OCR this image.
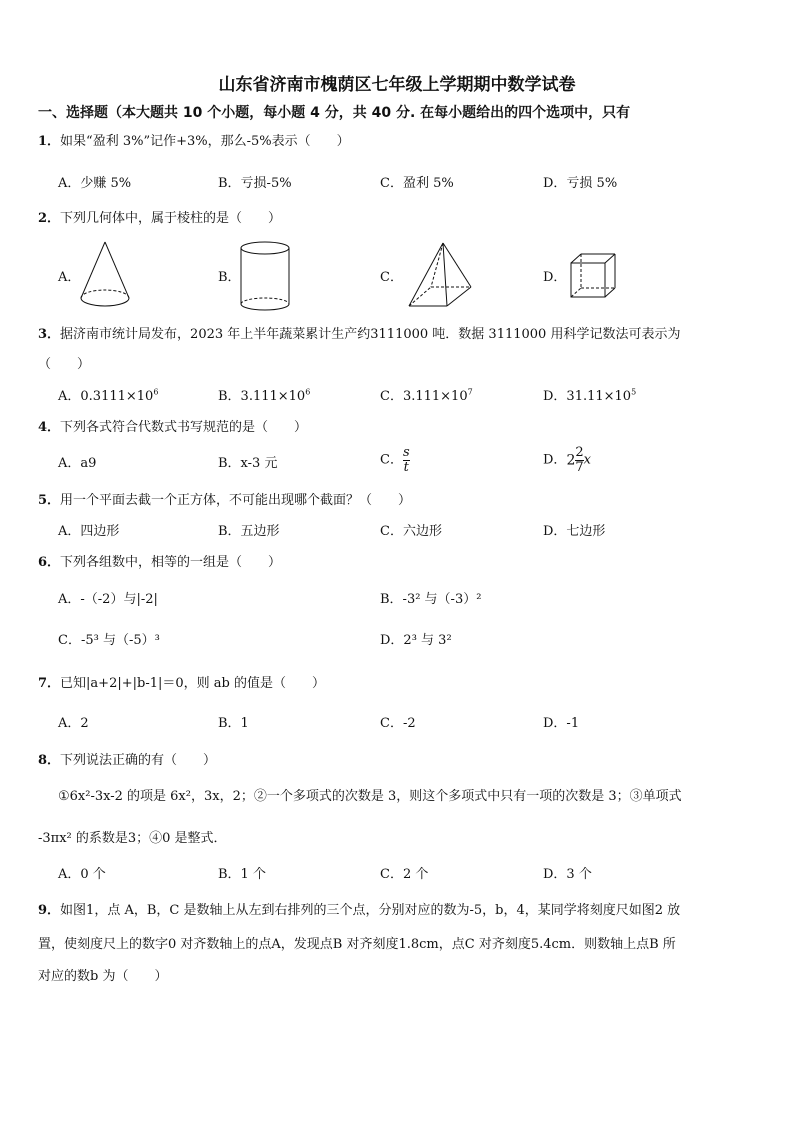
山东省济南市槐荫区七年级上学期期中数学试卷
一、选择题（本大题共 10 个小题，每小题 4 分，共 40 分. 在每小题给出的四个选项中，只有
1．如果“盈利 3%”记作+3%，那么-5%表示（　　）
A．少赚 5%	B．亏损-5%	C．盈利 5%	D．亏损 5%
2．下列几何体中，属于棱柱的是（　　）
A．	B．	C．	D．
3．据济南市统计局发布，2023 年上半年蔬菜累计生产约3111000 吨．数据 3111000 用科学记数法可表示为
（　　）
A．$0.3111\times 10^6$	B．$3.111\times 10^6$	C．$3.111\times 10^7$	D．$31.11\times 10^5$
4．下列各式符合代数式书写规范的是（　　）
A．a9	B．x-3 元	C． $\frac{s}{t}$	D．$2 \frac{2}{7}$ x
5．用一个平面去截一个正方体，不可能出现哪个截面？（　　）
A．四边形	B．五边形	C．六边形	D．七边形
6．下列各组数中，相等的一组是（　　）
A．-（-2）与|-2|	B．-3² 与（-3）²
C．-5³ 与（-5）³	D．2³ 与 3²
7．已知|a+2|+|b-1|＝0，则 ab 的值是（　　）
A．2	B．1	C．-2	D．-1
8．下列说法正确的有（　　）
①6x²-3x-2 的项是 6x²，3x，2；②一个多项式的次数是 3，则这个多项式中只有一项的次数是 3；③单项式
-3πx² 的系数是3；④0 是整式．
A．0 个	B．1 个	C．2 个	D．3 个
9．如图1，点 A，B，C 是数轴上从左到右排列的三个点，分别对应的数为-5，b，4，某同学将刻度尺如图2 放
置，使刻度尺上的数字0 对齐数轴上的点A，发现点B 对齐刻度1.8cm，点C 对齐刻度5.4cm．则数轴上点B 所
对应的数b 为（　　）
